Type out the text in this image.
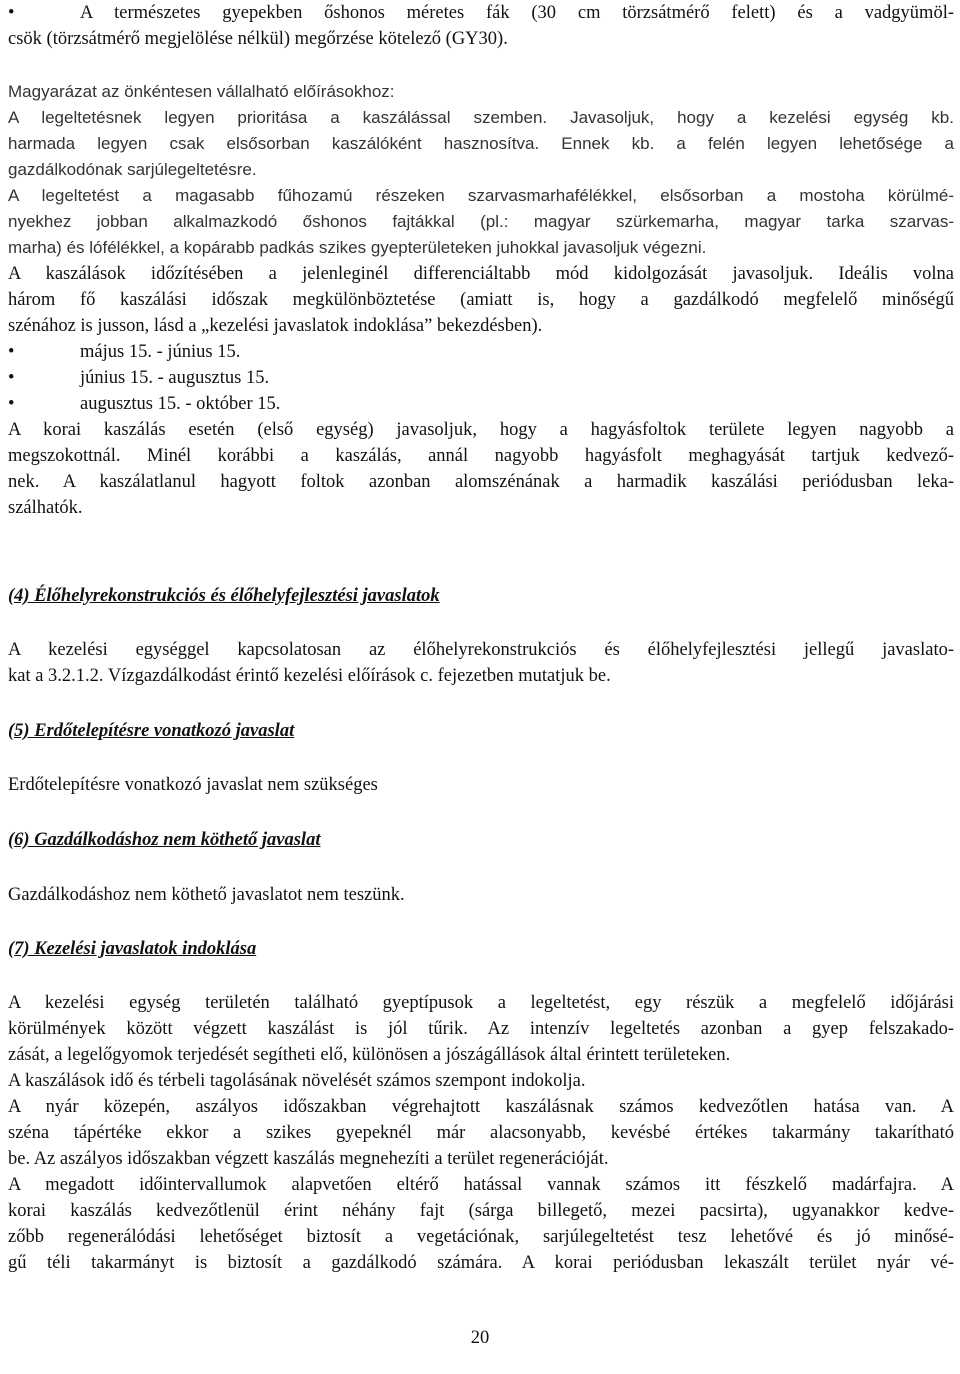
•	A természetes gyepekben őshonos méretes fák (30 cm törzsátmérő felett) és a vadgyümöl-
csök (törzsátmérő megjelölése nélkül) megőrzése kötelező (GY30).
Magyarázat az önkéntesen vállalható előírásokhoz:
A legeltetésnek legyen prioritása a kaszálással szemben. Javasoljuk, hogy a kezelési egység kb.
harmada legyen csak elsősorban kaszálóként hasznosítva. Ennek kb. a felén legyen lehetősége a
gazdálkodónak sarjúlegeltetésre.
A legeltetést a magasabb fűhozamú részeken szarvasmarhafélékkel, elsősorban a mostoha körülmé-
nyekhez jobban alkalmazkodó őshonos fajtákkal (pl.: magyar szürkemarha, magyar tarka szarvas-
marha) és lófélékkel, a kopárabb padkás szikes gyepterületeken juhokkal javasoljuk végezni.
A kaszálások időzítésében a jelenleginél differenciáltabb mód kidolgozását javasoljuk. Ideális volna
három fő kaszálási időszak megkülönböztetése (amiatt is, hogy a gazdálkodó megfelelő minőségű
szénához is jusson, lásd a „kezelési javaslatok indoklása” bekezdésben).
•	május 15. - június 15.
•	június 15. - augusztus 15.
•	augusztus 15. - október 15.
A korai kaszálás esetén (első egység) javasoljuk, hogy a hagyásfoltok területe legyen nagyobb a
megszokottnál. Minél korábbi a kaszálás, annál nagyobb hagyásfolt meghagyását tartjuk kedvező-
nek. A kaszálatlanul hagyott foltok azonban alomszénának a harmadik kaszálási periódusban leka-
szálhatók.
(4) Élőhelyrekonstrukciós és élőhelyfejlesztési javaslatok
A kezelési egységgel kapcsolatosan az élőhelyrekonstrukciós és élőhelyfejlesztési jellegű javaslato-
kat a 3.2.1.2. Vízgazdálkodást érintő kezelési előírások c. fejezetben mutatjuk be.
(5) Erdőtelepítésre vonatkozó javaslat
Erdőtelepítésre vonatkozó javaslat nem szükséges
(6) Gazdálkodáshoz nem köthető javaslat
Gazdálkodáshoz nem köthető javaslatot nem teszünk.
(7) Kezelési javaslatok indoklása
A kezelési egység területén található gyeptípusok a legeltetést, egy részük a megfelelő időjárási
körülmények között végzett kaszálást is jól tűrik. Az intenzív legeltetés azonban a gyep felszakado-
zását, a legelőgyomok terjedését segítheti elő, különösen a jószágállások által érintett területeken.
A kaszálások idő és térbeli tagolásának növelését számos szempont indokolja.
A nyár közepén, aszályos időszakban végrehajtott kaszálásnak számos kedvezőtlen hatása van. A
széna tápértéke ekkor a szikes gyepeknél már alacsonyabb, kevésbé értékes takarmány takarítható
be. Az aszályos időszakban végzett kaszálás megnehezíti a terület regenerációját.
A megadott időintervallumok alapvetően eltérő hatással vannak számos itt fészkelő madárfajra. A
korai kaszálás kedvezőtlenül érint néhány fajt (sárga billegető, mezei pacsirta), ugyanakkor kedve-
zőbb regenerálódási lehetőséget biztosít a vegetációnak, sarjúlegeltetést tesz lehetővé és jó minősé-
gű téli takarmányt is biztosít a gazdálkodó számára. A korai periódusban lekaszált terület nyár vé-
20
